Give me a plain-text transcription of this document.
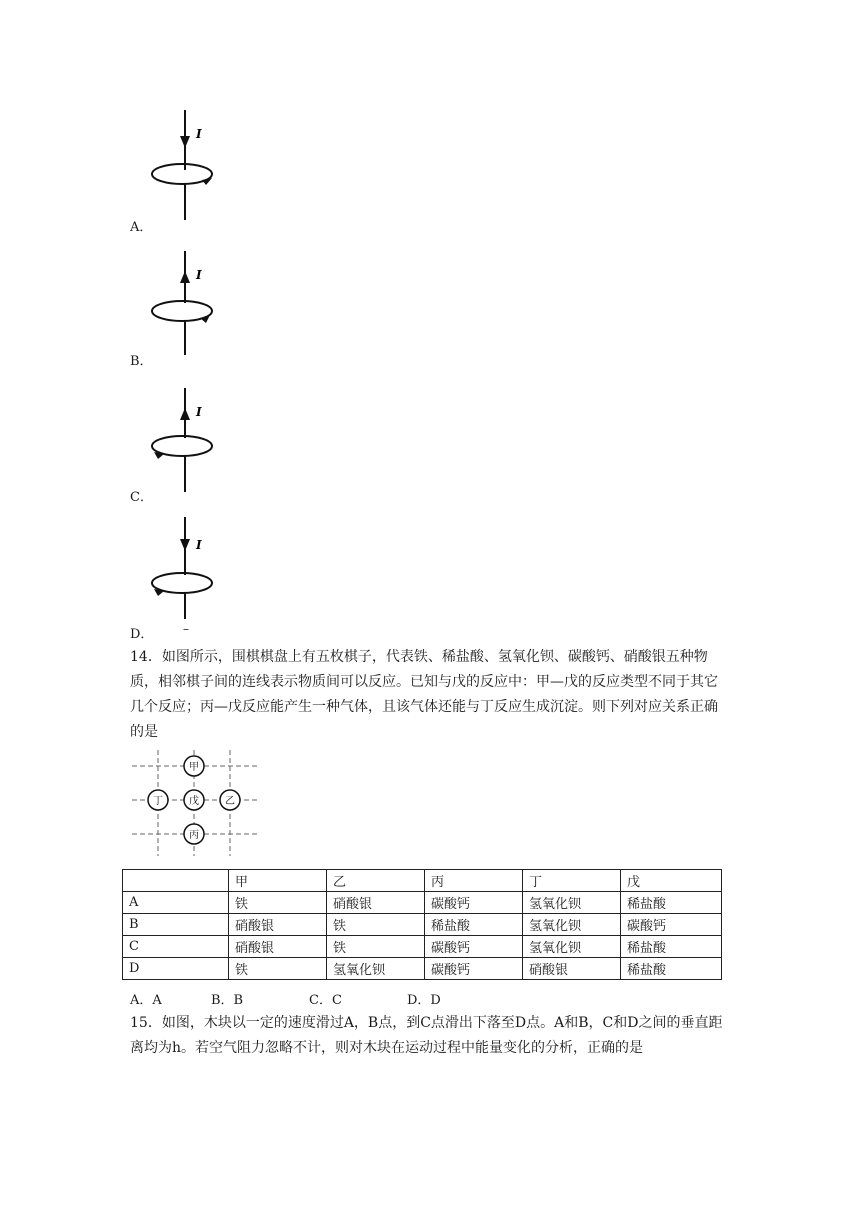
I
A．
I
B．
I
C．
I
D． –
14．如图所示，围棋棋盘上有五枚棋子，代表铁、稀盐酸、氢氧化钡、碳酸钙、硝酸银五种物质，相邻棋子间的连线表示物质间可以反应。已知与戊的反应中：甲—戊的反应类型不同于其它几个反应；丙—戊反应能产生一种气体，且该气体还能与丁反应生成沉淀。则下列对应关系正确的是
甲
丁	戊	乙
丙
	甲	乙	丙	丁	戊
A	铁	硝酸银	碳酸钙	氢氧化钡	稀盐酸
B	硝酸银	铁	稀盐酸	氢氧化钡	碳酸钙
C	硝酸银	铁	碳酸钙	氢氧化钡	稀盐酸
D	铁	氢氧化钡	碳酸钙	硝酸银	稀盐酸
A．A	B．B	C．C	D．D
15．如图，木块以一定的速度滑过A，B点，到C点滑出下落至D点。A和B，C和D之间的垂直距离均为h。若空气阻力忽略不计，则对木块在运动过程中能量变化的分析，正确的是
